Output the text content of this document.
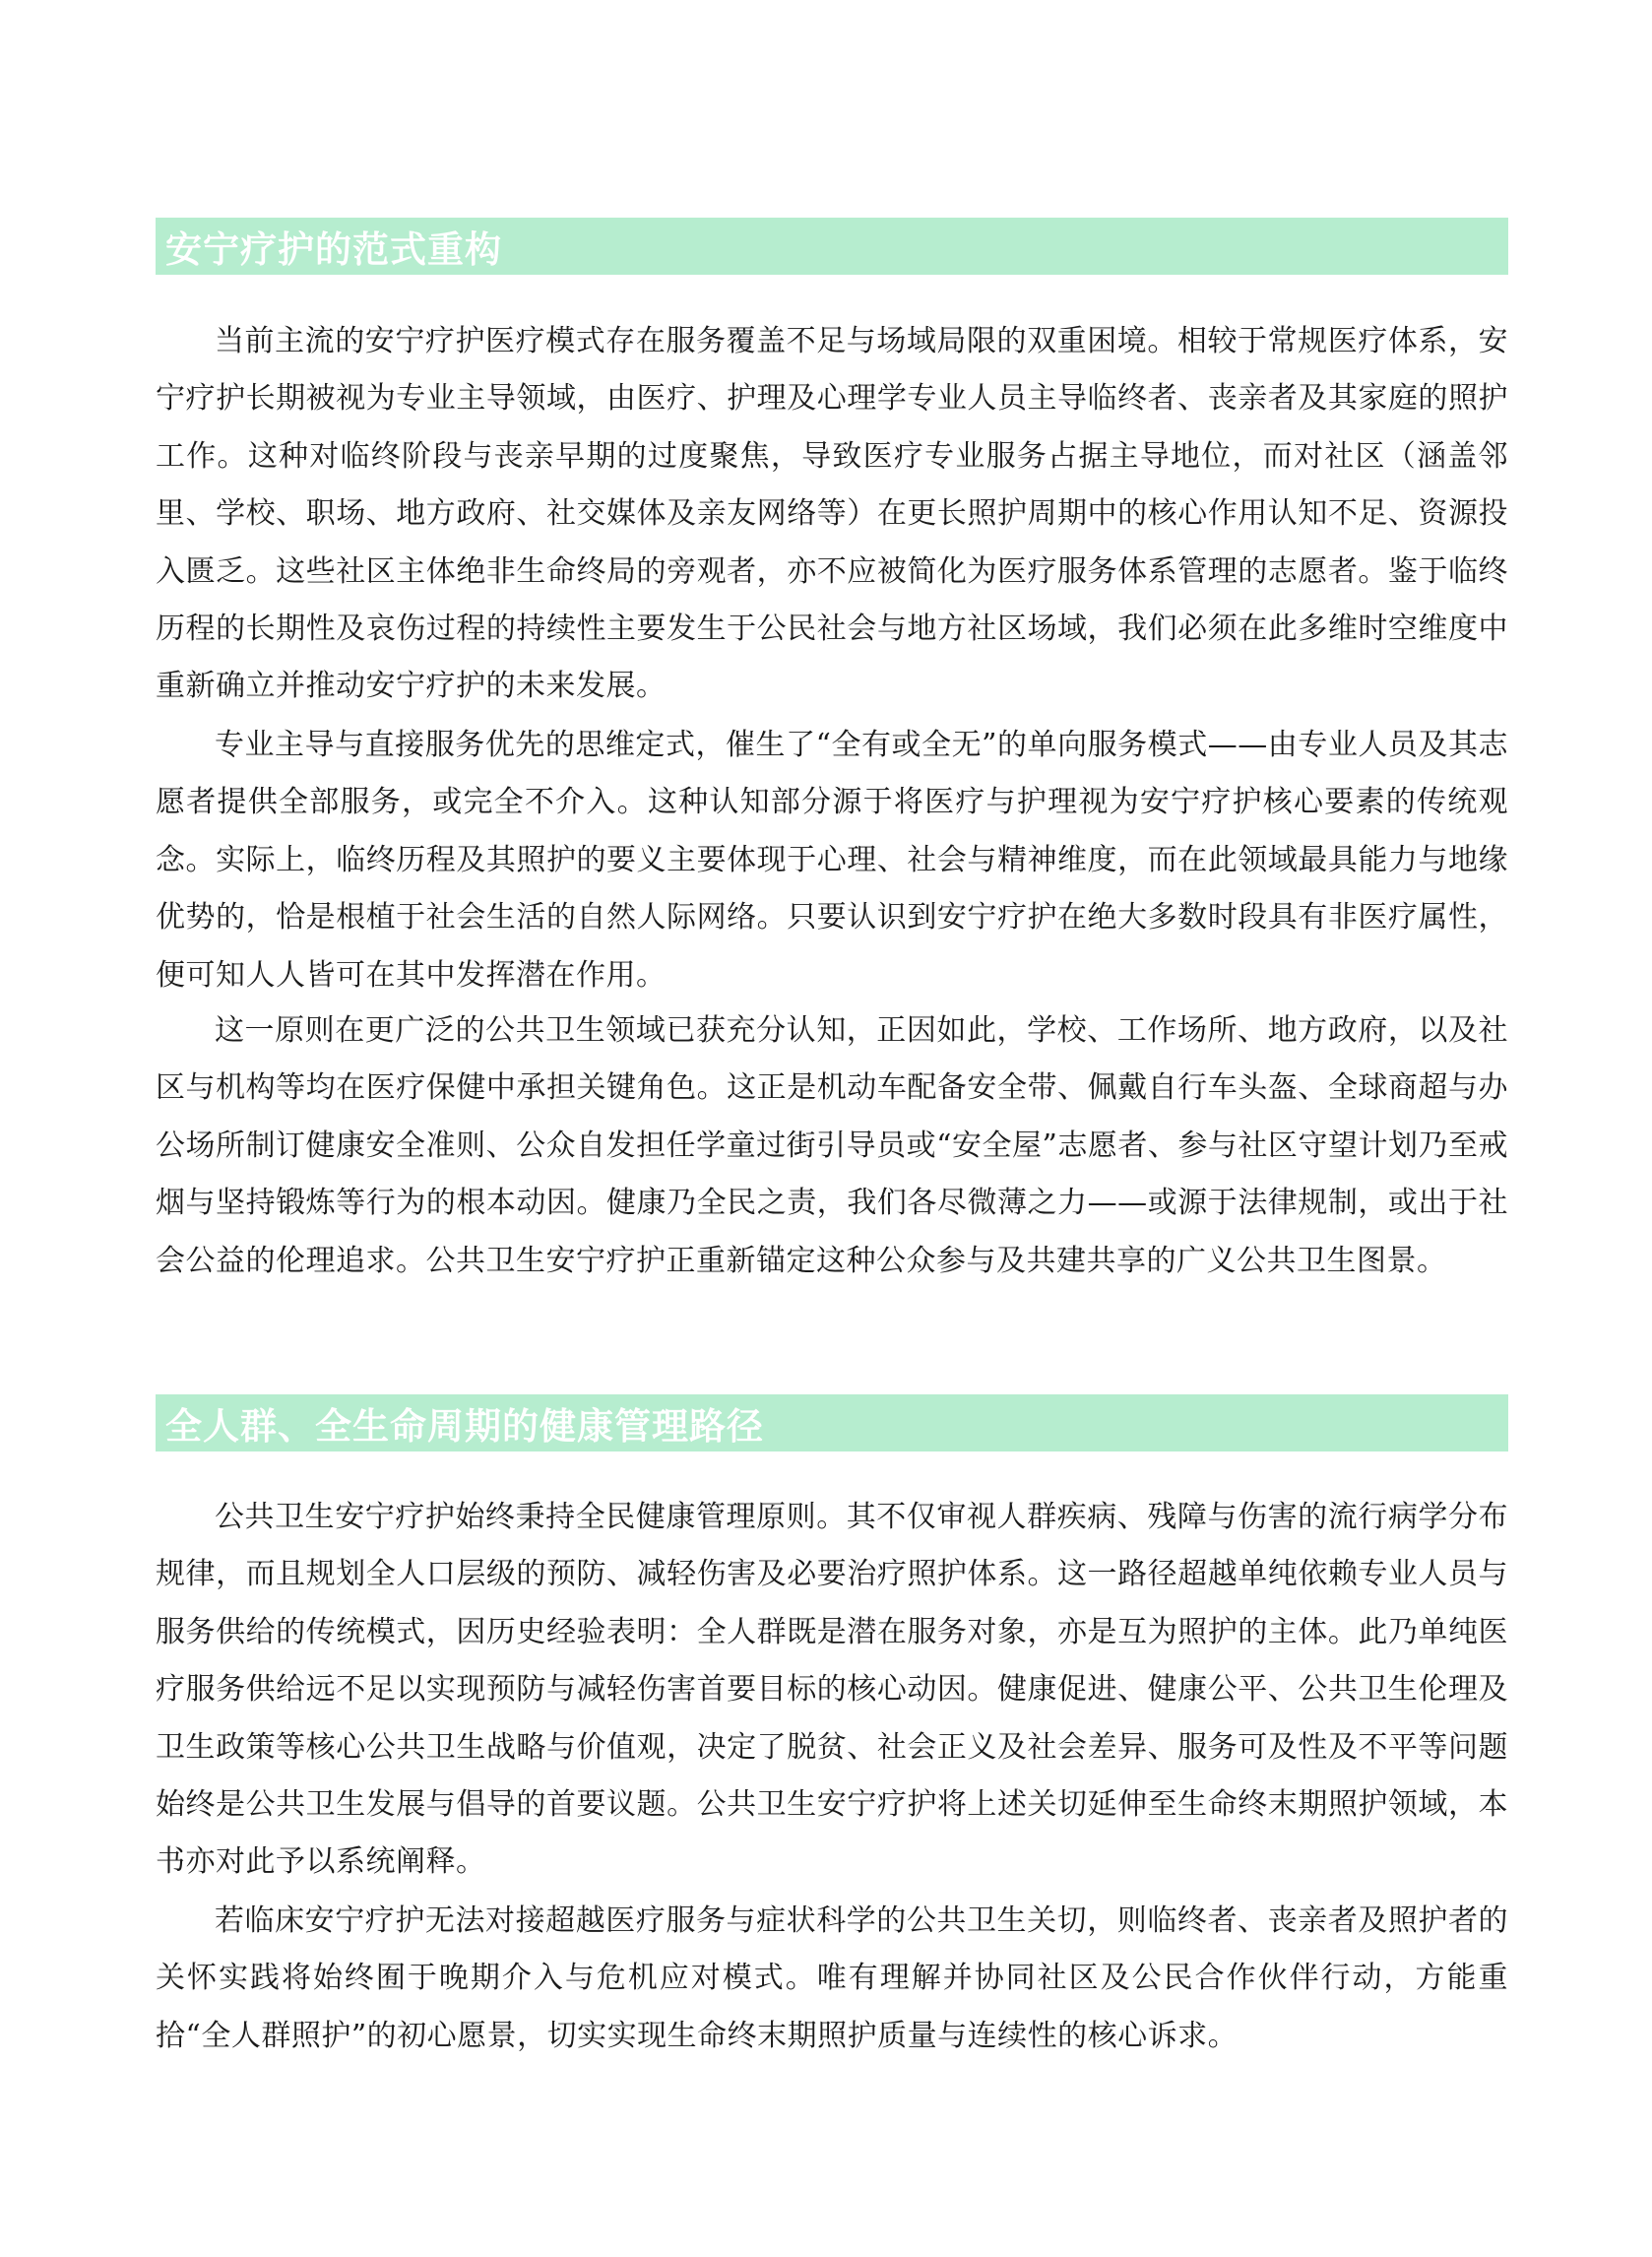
安宁疗护的范式重构

当前主流的安宁疗护医疗模式存在服务覆盖不足与场域局限的双重困境。相较于常规医疗体系，安宁疗护长期被视为专业主导领域，由医疗、护理及心理学专业人员主导临终者、丧亲者及其家庭的照护工作。这种对临终阶段与丧亲早期的过度聚焦，导致医疗专业服务占据主导地位，而对社区（涵盖邻里、学校、职场、地方政府、社交媒体及亲友网络等）在更长照护周期中的核心作用认知不足、资源投入匮乏。这些社区主体绝非生命终局的旁观者，亦不应被简化为医疗服务体系管理的志愿者。鉴于临终历程的长期性及哀伤过程的持续性主要发生于公民社会与地方社区场域，我们必须在此多维时空维度中重新确立并推动安宁疗护的未来发展。

专业主导与直接服务优先的思维定式，催生了“全有或全无”的单向服务模式——由专业人员及其志愿者提供全部服务，或完全不介入。这种认知部分源于将医疗与护理视为安宁疗护核心要素的传统观念。实际上，临终历程及其照护的要义主要体现于心理、社会与精神维度，而在此领域最具能力与地缘优势的，恰是根植于社会生活的自然人际网络。只要认识到安宁疗护在绝大多数时段具有非医疗属性，便可知人人皆可在其中发挥潜在作用。

这一原则在更广泛的公共卫生领域已获充分认知，正因如此，学校、工作场所、地方政府，以及社区与机构等均在医疗保健中承担关键角色。这正是机动车配备安全带、佩戴自行车头盔、全球商超与办公场所制订健康安全准则、公众自发担任学童过街引导员或“安全屋”志愿者、参与社区守望计划乃至戒烟与坚持锻炼等行为的根本动因。健康乃全民之责，我们各尽微薄之力——或源于法律规制，或出于社会公益的伦理追求。公共卫生安宁疗护正重新锚定这种公众参与及共建共享的广义公共卫生图景。

全人群、全生命周期的健康管理路径

公共卫生安宁疗护始终秉持全民健康管理原则。其不仅审视人群疾病、残障与伤害的流行病学分布规律，而且规划全人口层级的预防、减轻伤害及必要治疗照护体系。这一路径超越单纯依赖专业人员与服务供给的传统模式，因历史经验表明：全人群既是潜在服务对象，亦是互为照护的主体。此乃单纯医疗服务供给远不足以实现预防与减轻伤害首要目标的核心动因。健康促进、健康公平、公共卫生伦理及卫生政策等核心公共卫生战略与价值观，决定了脱贫、社会正义及社会差异、服务可及性及不平等问题始终是公共卫生发展与倡导的首要议题。公共卫生安宁疗护将上述关切延伸至生命终末期照护领域，本书亦对此予以系统阐释。

若临床安宁疗护无法对接超越医疗服务与症状科学的公共卫生关切，则临终者、丧亲者及照护者的关怀实践将始终囿于晚期介入与危机应对模式。唯有理解并协同社区及公民合作伙伴行动，方能重拾“全人群照护”的初心愿景，切实实现生命终末期照护质量与连续性的核心诉求。
